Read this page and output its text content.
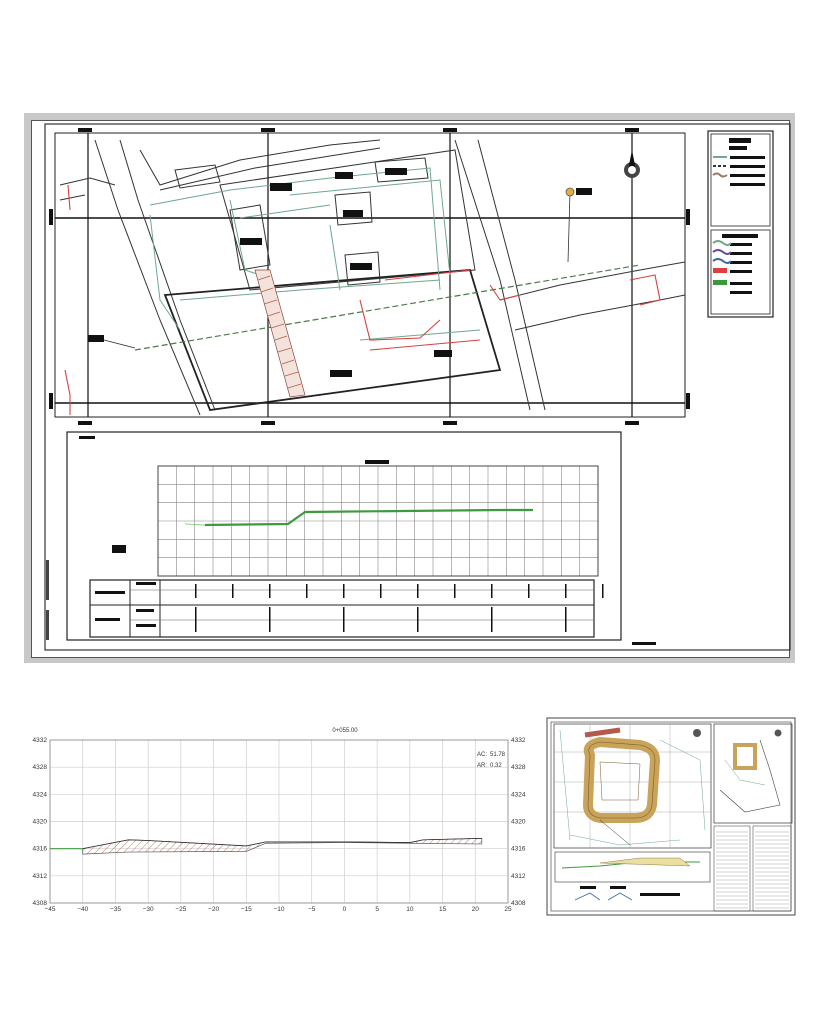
0+055.00
AC: 51.78
AR: 0.32
−45	−40	−35	−30	−25	−20	−15	−10	−5	0	5	10	15	20	25
4308	4308
4312	4312
4316	4316
4320	4320
4324	4324
4328	4328
4332	4332
